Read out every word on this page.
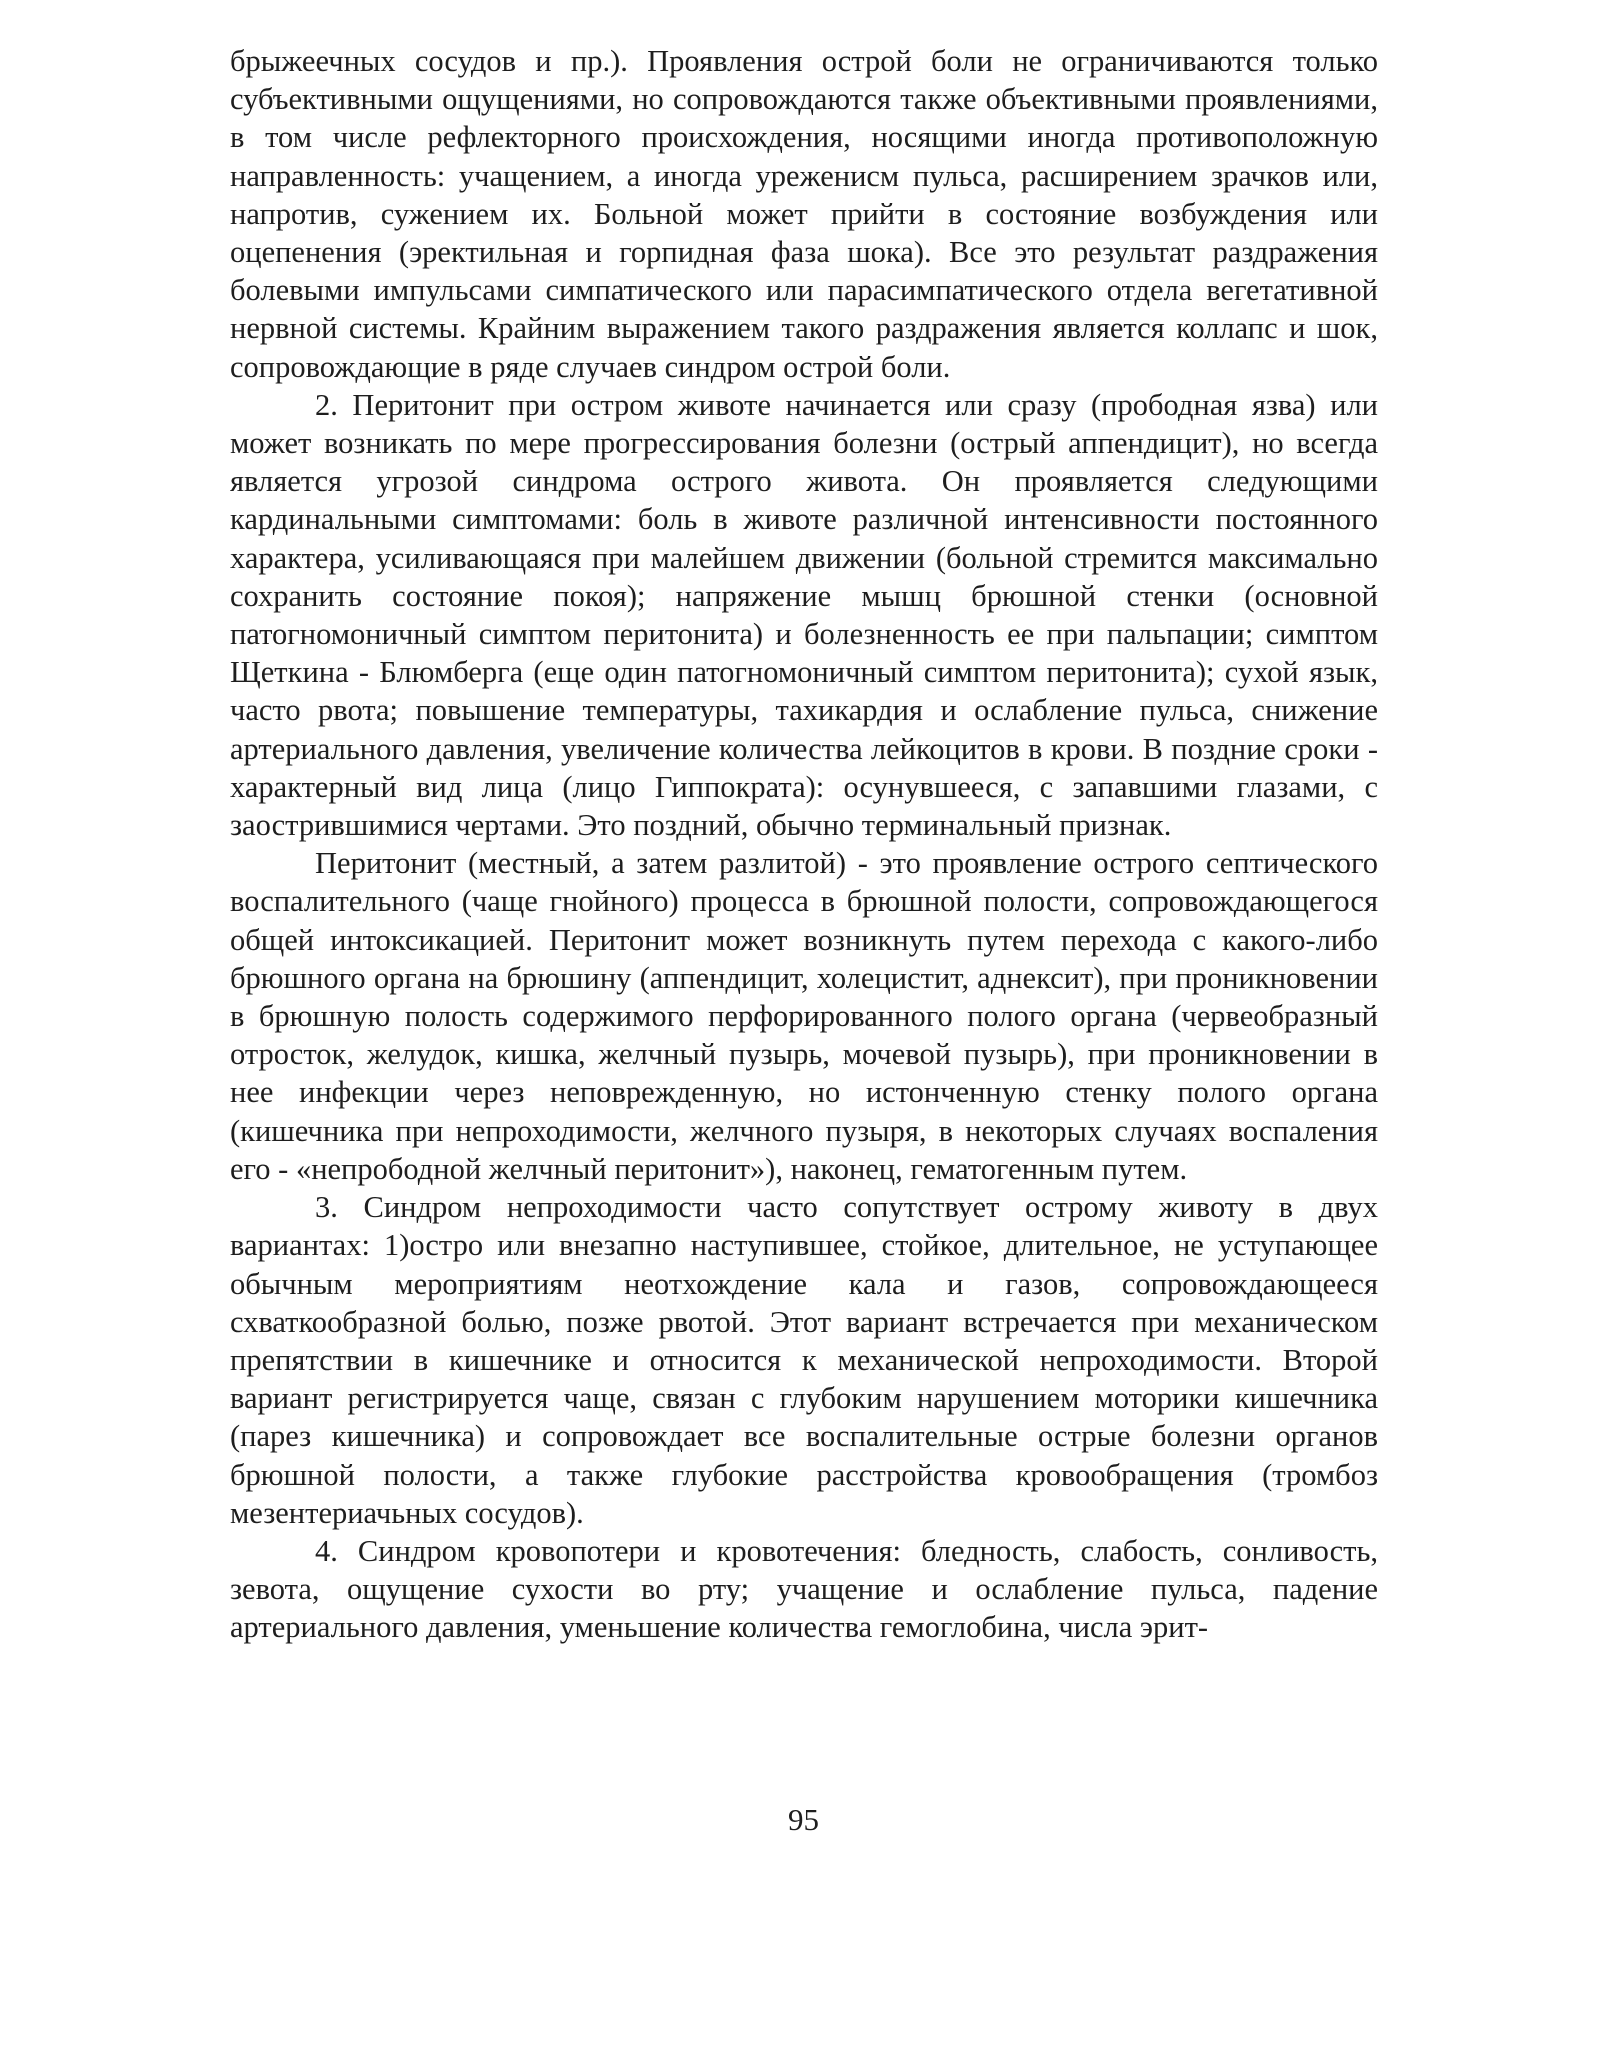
брыжеечных сосудов и пр.). Проявления острой боли не ограничиваются только субъективными ощущениями, но сопровождаются также объективными проявлениями, в том числе рефлекторного происхождения, носящими иногда противоположную направленность: учащением, а иногда урежениcм пульса, расширением зрачков или, напротив, сужением их. Больной может прийти в состояние возбуждения или оцепенения (эректильная и горпидная фаза шока). Все это результат раздражения болевыми импульсами симпатического или парасимпатического отдела вегетативной нервной системы. Крайним выражением такого раздражения является коллапс и шок, сопровождающие в ряде случаев синдром острой боли.

2. Перитонит при остром животе начинается или сразу (прободная язва) или может возникать по мере прогрессирования болезни (острый аппендицит), но всегда является угрозой синдрома острого живота. Он проявляется следующими кардинальными симптомами: боль в животе различной интенсивности постоянного характера, усиливающаяся при малейшем движении (больной стремится максимально сохранить состояние покоя); напряжение мышц брюшной стенки (основной патогномоничный симптом перитонита) и болезненность ее при пальпации; симптом Щеткина - Блюмберга (еще один патогномоничный симптом перитонита); сухой язык, часто рвота; повышение температуры, тахикардия и ослабление пульса, снижение артериального давления, увеличение количества лейкоцитов в крови. В поздние сроки - характерный вид лица (лицо Гиппократа): осунувшееся, с запавшими глазами, с заострившимися чертами. Это поздний, обычно терминальный признак.

Перитонит (местный, а затем разлитой) - это проявление острого септического воспалительного (чаще гнойного) процесса в брюшной полости, сопровождающегося общей интоксикацией. Перитонит может возникнуть путем перехода с какого-либо брюшного органа на брюшину (аппендицит, холецистит, аднексит), при проникновении в брюшную полость содержимого перфорированного полого органа (червеобразный отросток, желудок, кишка, желчный пузырь, мочевой пузырь), при проникновении в нее инфекции через неповрежденную, но истонченную стенку полого органа (кишечника при непроходимости, желчного пузыря, в некоторых случаях воспаления его - «непрободной желчный перитонит»), наконец, гематогенным путем.

3. Синдром непроходимости часто сопутствует острому животу в двух вариантах: 1)остро или внезапно наступившее, стойкое, длительное, не уступающее обычным мероприятиям неотхождение кала и газов, сопровождающееся схваткообразной болью, позже рвотой. Этот вариант встречается при механическом препятствии в кишечнике и относится к механической непроходимости. Второй вариант регистрируется чаще, связан с глубоким нарушением моторики кишечника (парез кишечника) и сопровождает все воспалительные острые болезни органов брюшной полости, а также глубокие расстройства кровообращения (тромбоз мезентериачьных сосудов).

4. Синдром кровопотери и кровотечения: бледность, слабость, сонливость, зевота, ощущение сухости во рту; учащение и ослабление пульса, падение артериального давления, уменьшение количества гемоглобина, числа эрит-

95
